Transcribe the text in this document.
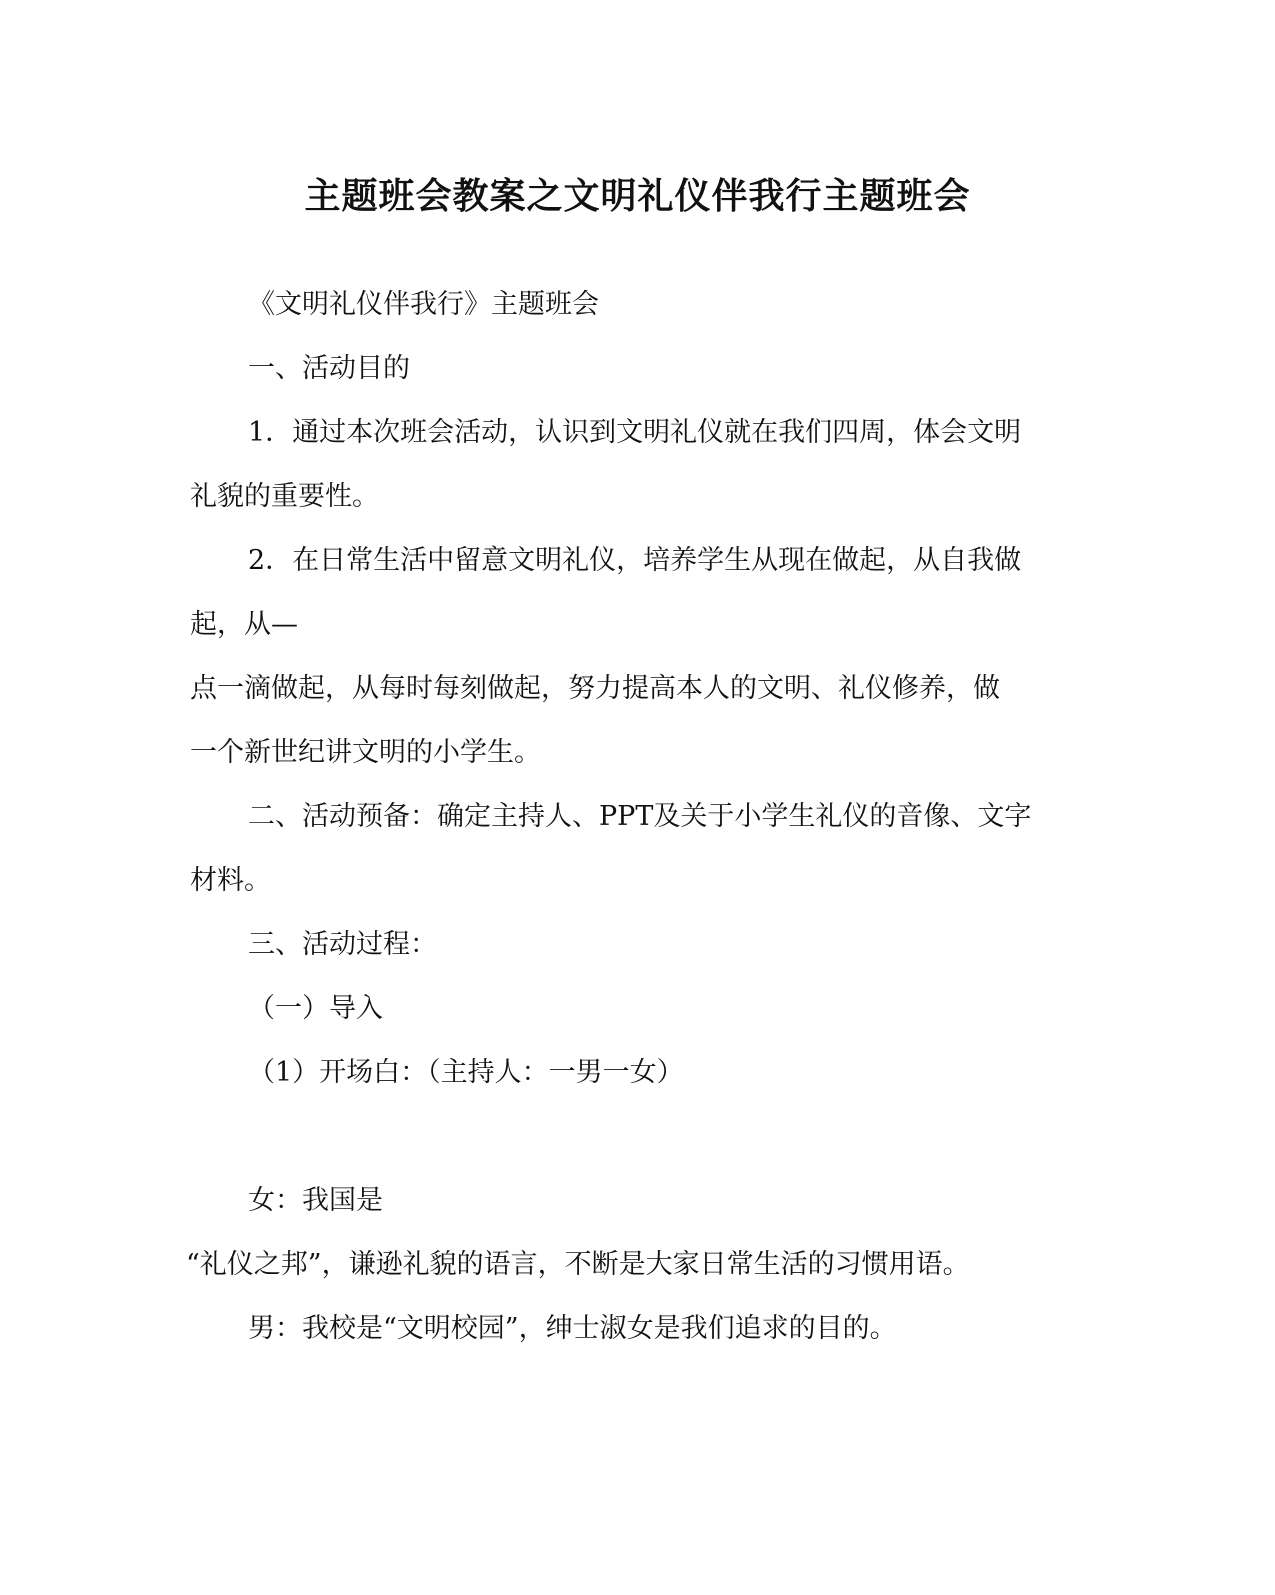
主题班会教案之文明礼仪伴我行主题班会
《文明礼仪伴我行》主题班会
一、活动目的
1．通过本次班会活动，认识到文明礼仪就在我们四周，体会文明
礼貌的重要性。
2．在日常生活中留意文明礼仪，培养学生从现在做起，从自我做
起，从—
点一滴做起，从每时每刻做起，努力提高本人的文明、礼仪修养，做
一个新世纪讲文明的小学生。
二、活动预备：确定主持人、PPT及关于小学生礼仪的音像、文字
材料。
三、活动过程：
（一）导入
（1）开场白：（主持人：一男一女）
女：我国是
“礼仪之邦”，谦逊礼貌的语言，不断是大家日常生活的习惯用语。
男：我校是“文明校园”，绅士淑女是我们追求的目的。
